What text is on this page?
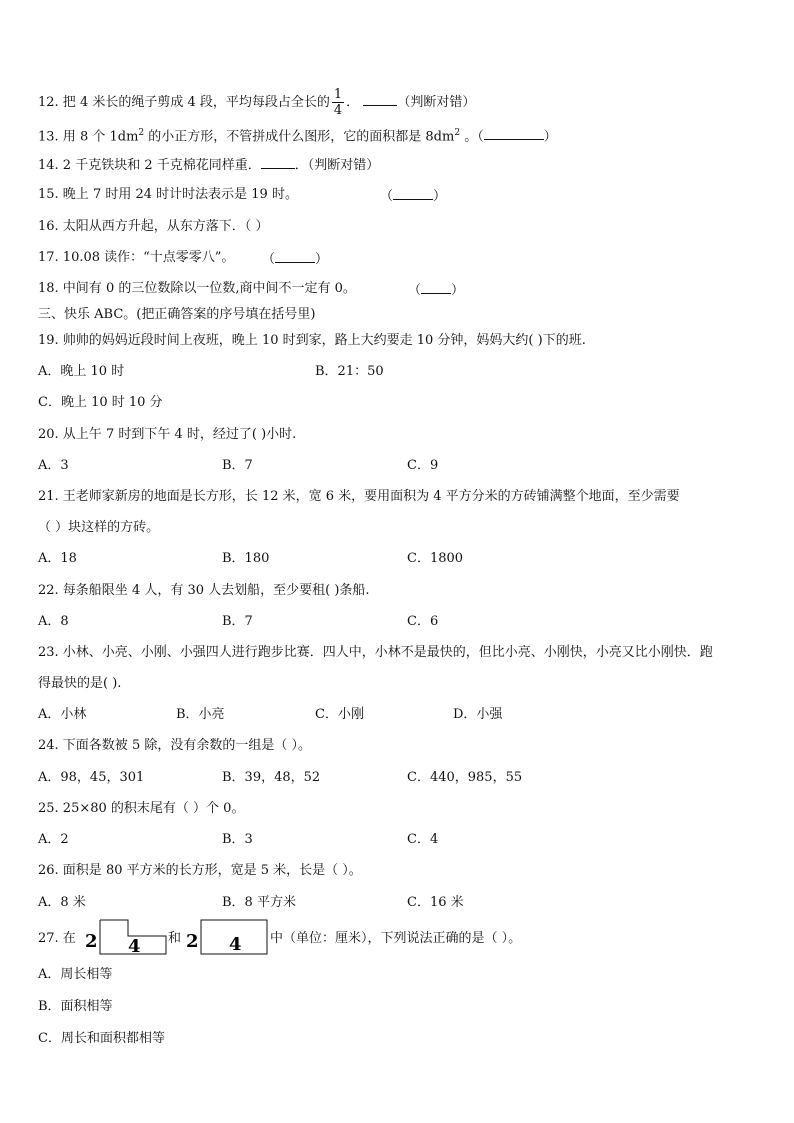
12. 把 4 米长的绳子剪成 4 段，平均每段占全长的 $\frac{1}{4}$ ．	（判断对错）
13. 用 8 个 $1dm^2$ 的小正方形，不管拼成什么图形，它的面积都是 $8dm^2$ 。（	）
14. 2 千克铁块和 2 千克棉花同样重．	．（判断对错）
15. 晚上 7 时用 24 时计时法表示是 19 时。	（	）
16. 太阳从西方升起，从东方落下．（ ）
17. 10.08 读作：“十点零零八”。 （	）
18. 中间有 0 的三位数除以一位数,商中间不一定有 0。	（ ）
三、快乐 ABC。(把正确答案的序号填在括号里)
19. 帅帅的妈妈近段时间上夜班，晚上 10 时到家，路上大约要走 10 分钟，妈妈大约( )下的班.
A．晚上 10 时	B．21：50
C．晚上 10 时 10 分
20. 从上午 7 时到下午 4 时，经过了( )小时.
A．3	B．7	C．9
21. 王老师家新房的地面是长方形，长 12 米，宽 6 米，要用面积为 4 平方分米的方砖铺满整个地面，至少需要
（ ）块这样的方砖。
A．18	B．180	C．1800
22. 每条船限坐 4 人，有 30 人去划船，至少要租( )条船.
A．8	B．7	C．6
23. 小林、小亮、小刚、小强四人进行跑步比赛．四人中，小林不是最快的，但比小亮、小刚快，小亮又比小刚快．跑
得最快的是( ).
A．小林	B．小亮	C．小刚	D．小强
24. 下面各数被 5 除，没有余数的一组是（ ）。
A．98，45，301	B．39，48，52	C．440，985，55
25. 25×80 的积末尾有（ ）个 0。
A．2	B．3	C．4
26. 面积是 80 平方米的长方形，宽是 5 米，长是（ ）。
A．8 米	B．8 平方米	C．16 米
27. 在 2 4 和 2 4 中（单位：厘米），下列说法正确的是（ ）。
A．周长相等
B．面积相等
C．周长和面积都相等
